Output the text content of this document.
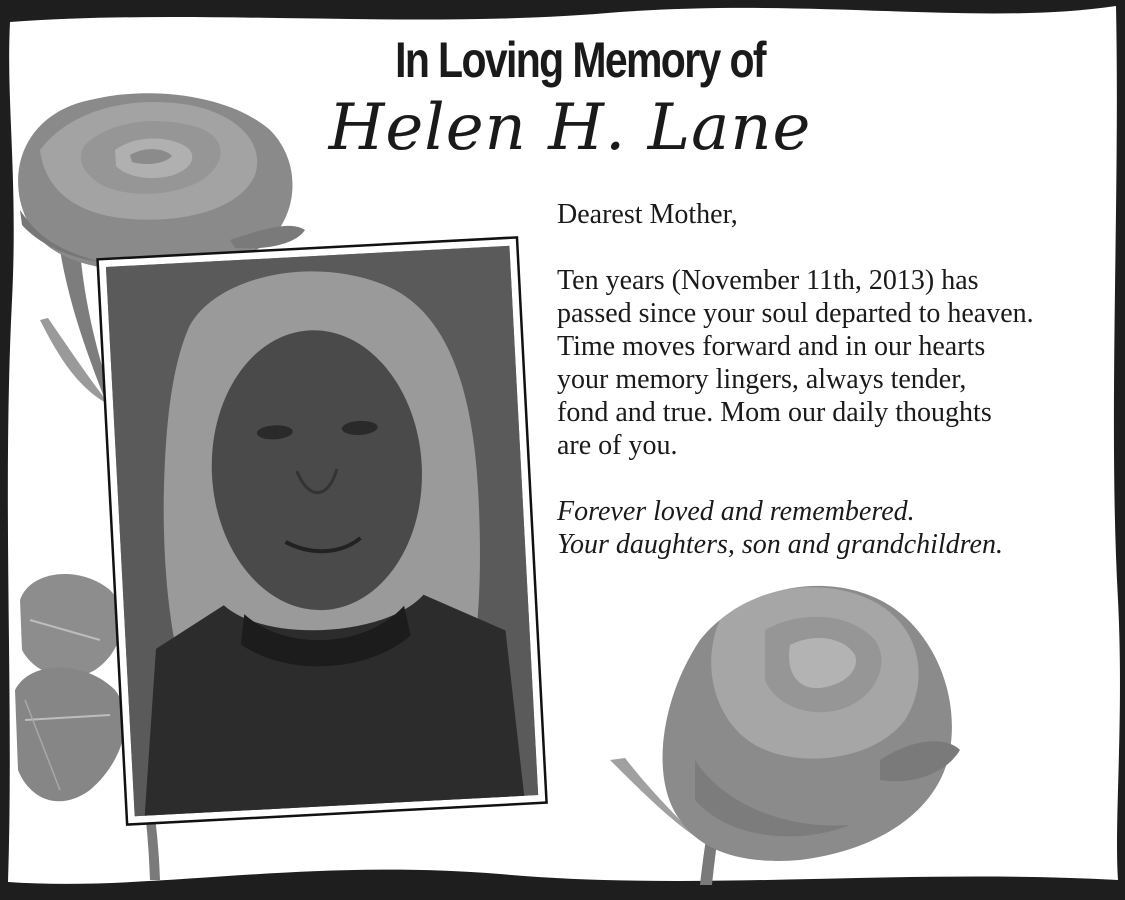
In Loving Memory of
Helen H. Lane

Dearest Mother,

Ten years (November 11th, 2013) has

passed since your soul departed to heaven.

Time moves forward and in our hearts

your memory lingers, always tender,

fond and true. Mom our daily thoughts

are of you.

Forever loved and remembered.

Your daughters, son and grandchildren.
